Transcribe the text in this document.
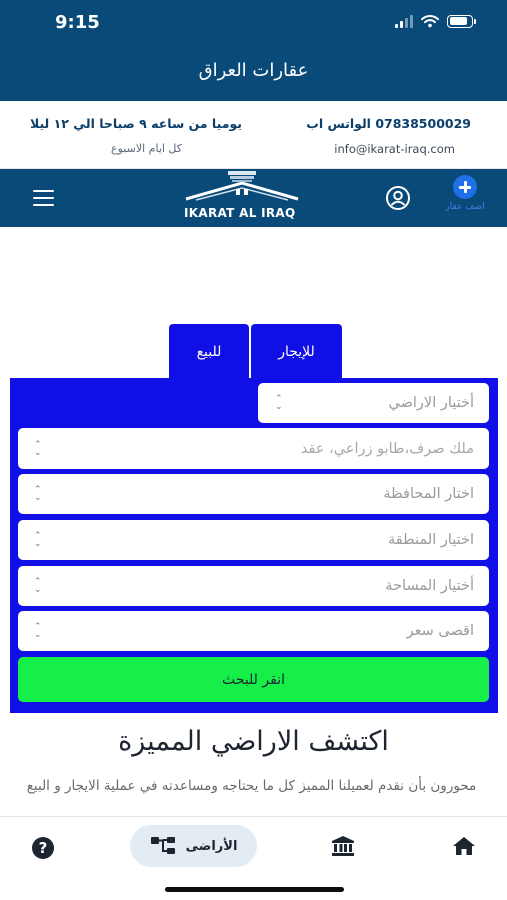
9:15
عقارات العراق
يوميا من ساعه ٩ صباحا الي ١٢ ليلا
كل ايام الاسبوع
07838500029 الواتس اب
info@ikarat-iraq.com
IKARAT AL IRAQ	اضف عقار
للبيع	للإيجار
أختيار الاراضي
⌃
⌄
ملك صرف،طابو زراعي، عقد
⌃
⌄
اختار المحافظة
⌃
⌄
اختيار المنطقة
⌃
⌄
أختيار المساحة
⌃
⌄
اقصى سعر
⌃
⌄
انقر للبحث
اكتشف الاراضي المميزة
محورون بأن نقدم لعميلنا المميز كل ما يحتاجه ومساعدته في عملية الايجار و البيع
?	الأراضى
